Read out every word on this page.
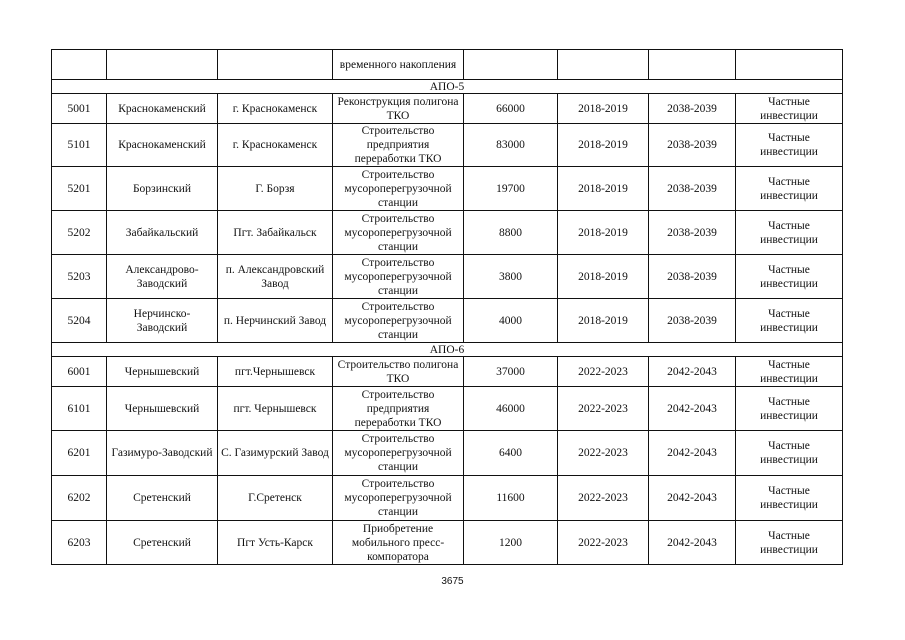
			временного накопления				
АПО-5							
5001	Краснокаменский	г. Краснокаменск	Реконструкция полигона ТКО	66000	2018-2019	2038-2039	Частные инвестиции
5101	Краснокаменский	г. Краснокаменск	Строительство предприятия переработки ТКО	83000	2018-2019	2038-2039	Частные инвестиции
5201	Борзинский	Г. Борзя	Строительство мусороперегрузочной станции	19700	2018-2019	2038-2039	Частные инвестиции
5202	Забайкальский	Пгт. Забайкальск	Строительство мусороперегрузочной станции	8800	2018-2019	2038-2039	Частные инвестиции
5203	Александрово-Заводский	п. Александровский Завод	Строительство мусороперегрузочной станции	3800	2018-2019	2038-2039	Частные инвестиции
5204	Нерчинско-Заводский	п. Нерчинский Завод	Строительство мусороперегрузочной станции	4000	2018-2019	2038-2039	Частные инвестиции
АПО-6							
6001	Чернышевский	пгт.Чернышевск	Строительство полигона ТКО	37000	2022-2023	2042-2043	Частные инвестиции
6101	Чернышевский	пгт. Чернышевск	Строительство предприятия переработки ТКО	46000	2022-2023	2042-2043	Частные инвестиции
6201	Газимуро-Заводский	С. Газимурский Завод	Строительство мусороперегрузочной станции	6400	2022-2023	2042-2043	Частные инвестиции
6202	Сретенский	Г.Сретенск	Строительство мусороперегрузочной станции	11600	2022-2023	2042-2043	Частные инвестиции
6203	Сретенский	Пгт Усть-Карск	Приобретение мобильного пресс-компоратора	1200	2022-2023	2042-2043	Частные инвестиции
3675
